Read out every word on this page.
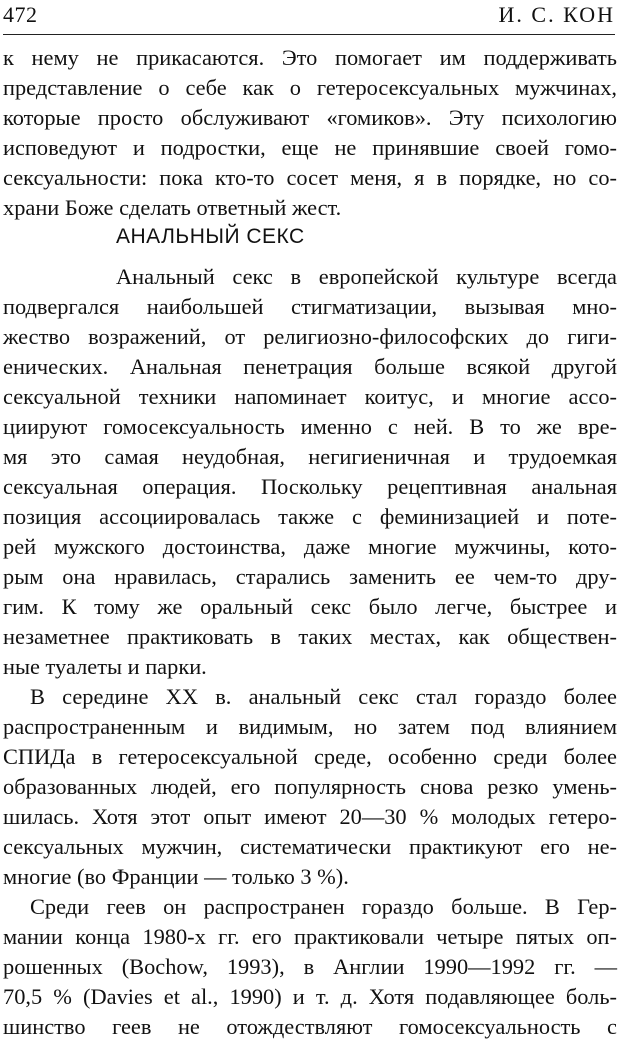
472	И. С. КОН
к нему не прикасаются. Это помогает им поддерживать
представление о себе как о гетеросексуальных мужчинах,
которые просто обслуживают «гомиков». Эту психологию
исповедуют и подростки, еще не принявшие своей гомо-
сексуальности: пока кто-то сосет меня, я в порядке, но со-
храни Боже сделать ответный жест.
АНАЛЬНЫЙ СЕКС
Анальный секс в европейской культуре всегда
подвергался наибольшей стигматизации, вызывая мно-
жество возражений, от религиозно-философских до гиги-
енических. Анальная пенетрация больше всякой другой
сексуальной техники напоминает коитус, и многие ассо-
циируют гомосексуальность именно с ней. В то же вре-
мя это самая неудобная, негигиеничная и трудоемкая
сексуальная операция. Поскольку рецептивная анальная
позиция ассоциировалась также с феминизацией и поте-
рей мужского достоинства, даже многие мужчины, кото-
рым она нравилась, старались заменить ее чем-то дру-
гим. К тому же оральный секс было легче, быстрее и
незаметнее практиковать в таких местах, как обществен-
ные туалеты и парки.
В середине XX в. анальный секс стал гораздо более
распространенным и видимым, но затем под влиянием
СПИДа в гетеросексуальной среде, особенно среди более
образованных людей, его популярность снова резко умень-
шилась. Хотя этот опыт имеют 20—30 % молодых гетеро-
сексуальных мужчин, систематически практикуют его не-
многие (во Франции — только 3 %).
Среди геев он распространен гораздо больше. В Гер-
мании конца 1980-х гг. его практиковали четыре пятых оп-
рошенных (Bochow, 1993), в Англии 1990—1992 гг. —
70,5 % (Davies et al., 1990) и т. д. Хотя подавляющее боль-
шинство геев не отождествляют гомосексуальность с
